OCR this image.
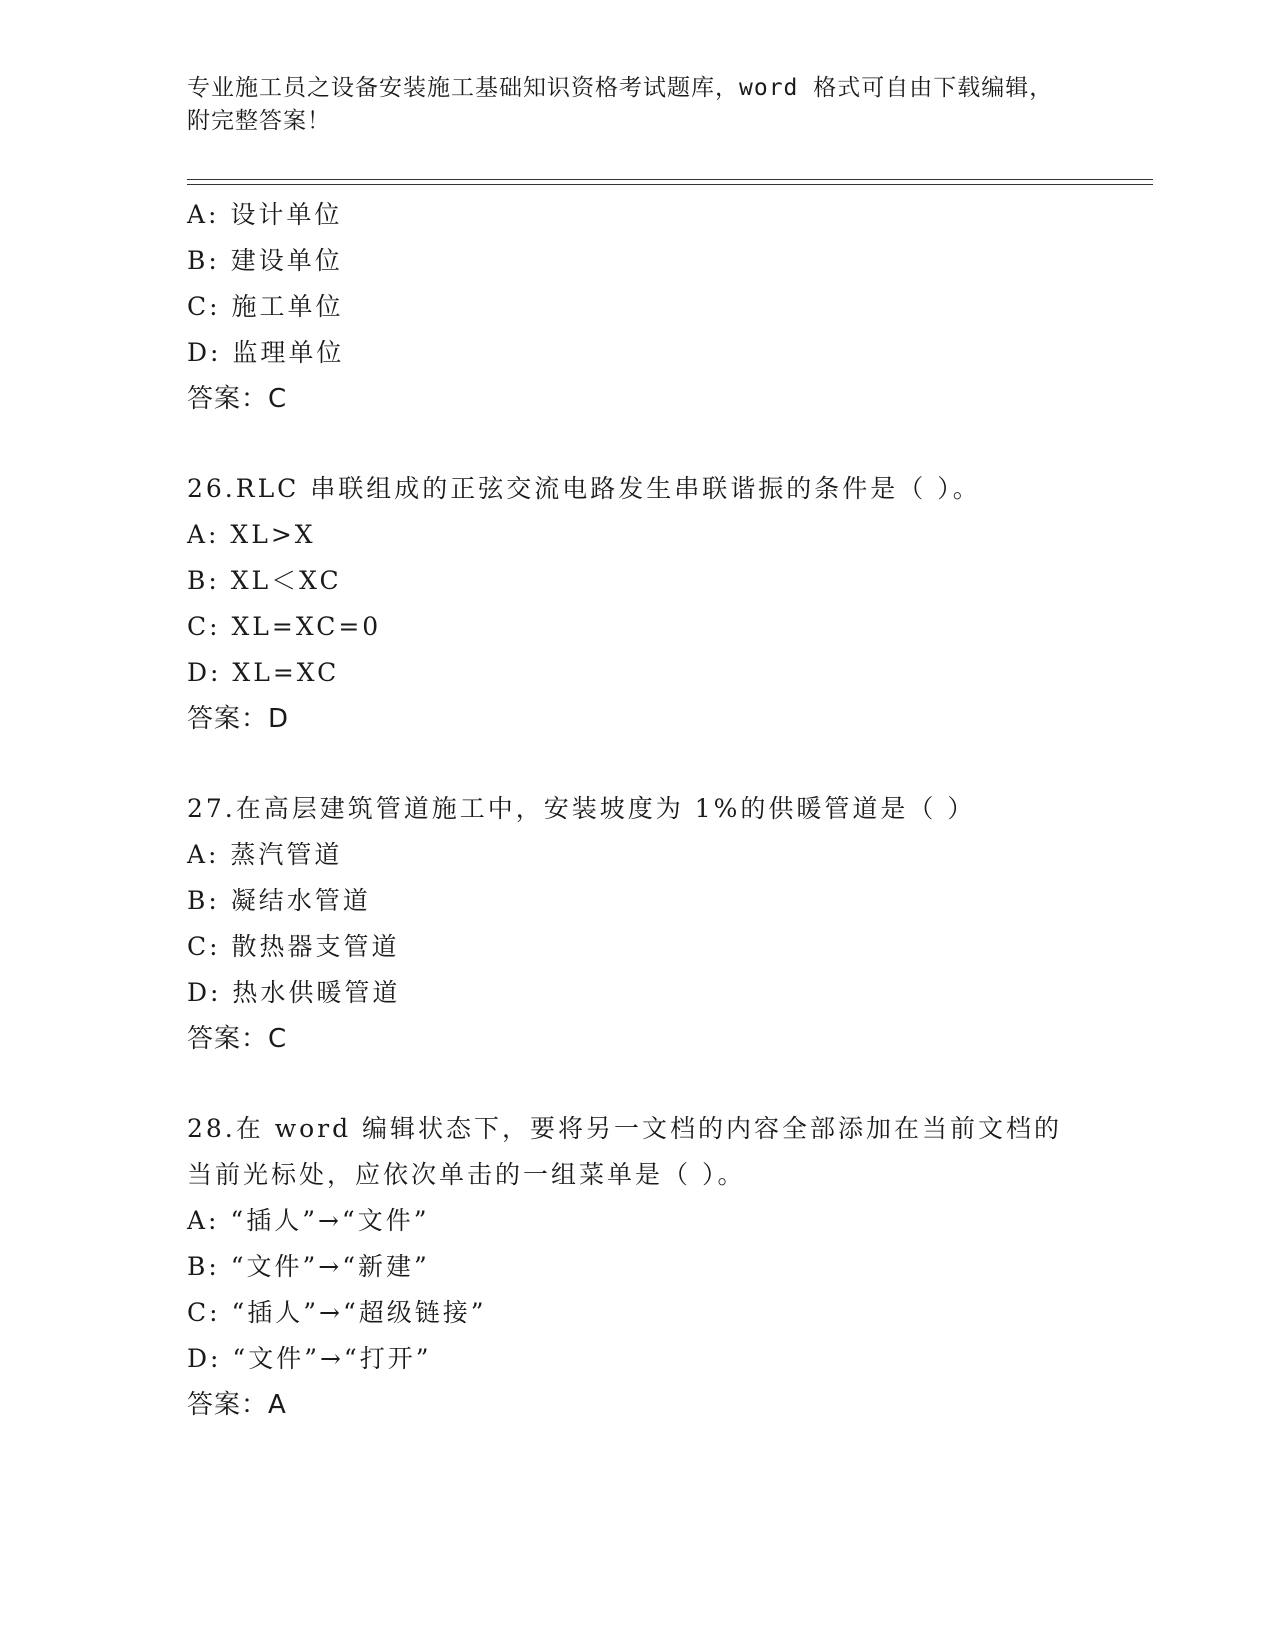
专业施工员之设备安装施工基础知识资格考试题库，word 格式可自由下载编辑，
附完整答案！
A: 设计单位
B: 建设单位
C: 施工单位
D: 监理单位
答案：C
26.RLC 串联组成的正弦交流电路发生串联谐振的条件是（ ）。
A: XL>X
B: XL＜XC
C: XL=XC=0
D: XL=XC
答案：D
27.在高层建筑管道施工中，安装坡度为 1%的供暖管道是（ ）
A: 蒸汽管道
B: 凝结水管道
C: 散热器支管道
D: 热水供暖管道
答案：C
28.在 word 编辑状态下，要将另一文档的内容全部添加在当前文档的
当前光标处，应依次单击的一组菜单是（ ）。
A: “插人”→“文件”
B: “文件”→“新建”
C: “插人”→“超级链接”
D: “文件”→“打开”
答案：A
